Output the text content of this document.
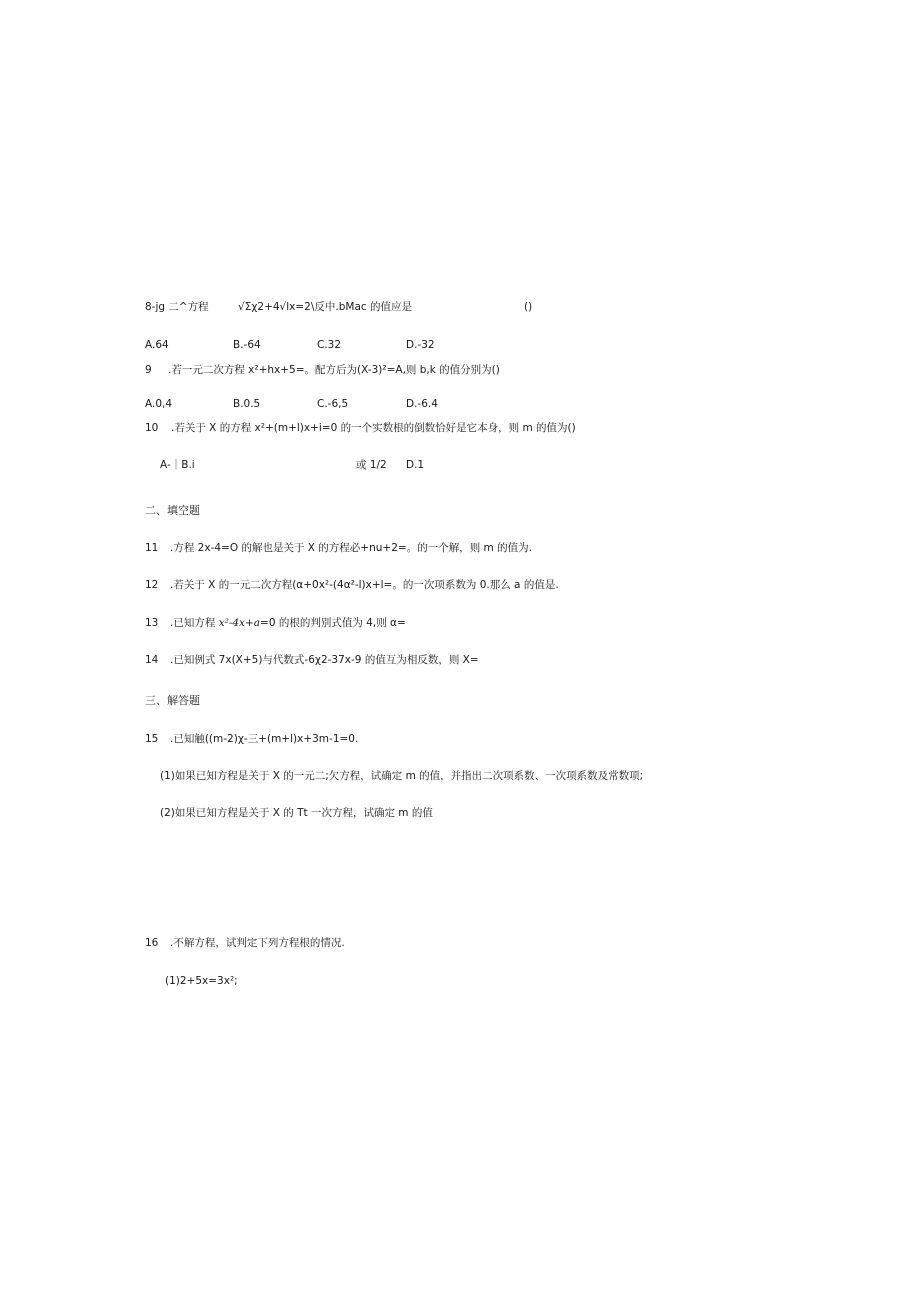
8-jg 二^方程	√Σχ2+4√lx=2\反中.bMac 的值应是	()
A.64	B.-64	C.32	D.-32
9 .若一元二次方程 x²+hx+5=。配方后为(X-3)²=A,则 b,k 的值分别为()
A.0,4	B.0.5	C.-6,5	D.-6.4
10 .若关于 X 的方程 x²+(m+l)x+i=0 的一个实数根的倒数恰好是它本身，则 m 的值为()
A-｜B.i	或 1/2 D.1
二、填空题
11 .方程 2x-4=O 的解也是关于 X 的方程必+nu+2=。的一个解，则 m 的值为.
12 .若关于 X 的一元二次方程(α+0x²-(4α²-l)x+l=。的一次项系数为 0.那么 a 的值是.
13 .已知方程 x²-4x+a=0 的根的判别式值为 4,则 α=
14 .已知例式 7x(X+5)与代数式-6χ2-37x-9 的值互为相反数，则 X=
三、解答题
15 .已知触((m-2)χ-三+(m+l)x+3m-1=0.
(1)如果已知方程是关于 X 的一元二;欠方程，试确定 m 的值，并指出二次项系数、一次项系数及常数项;
(2)如果已知方程是关于 X 的 Tt 一次方程，试确定 m 的值
16 .不解方程，试判定下列方程根的情况.
(1)2+5x=3x²;
